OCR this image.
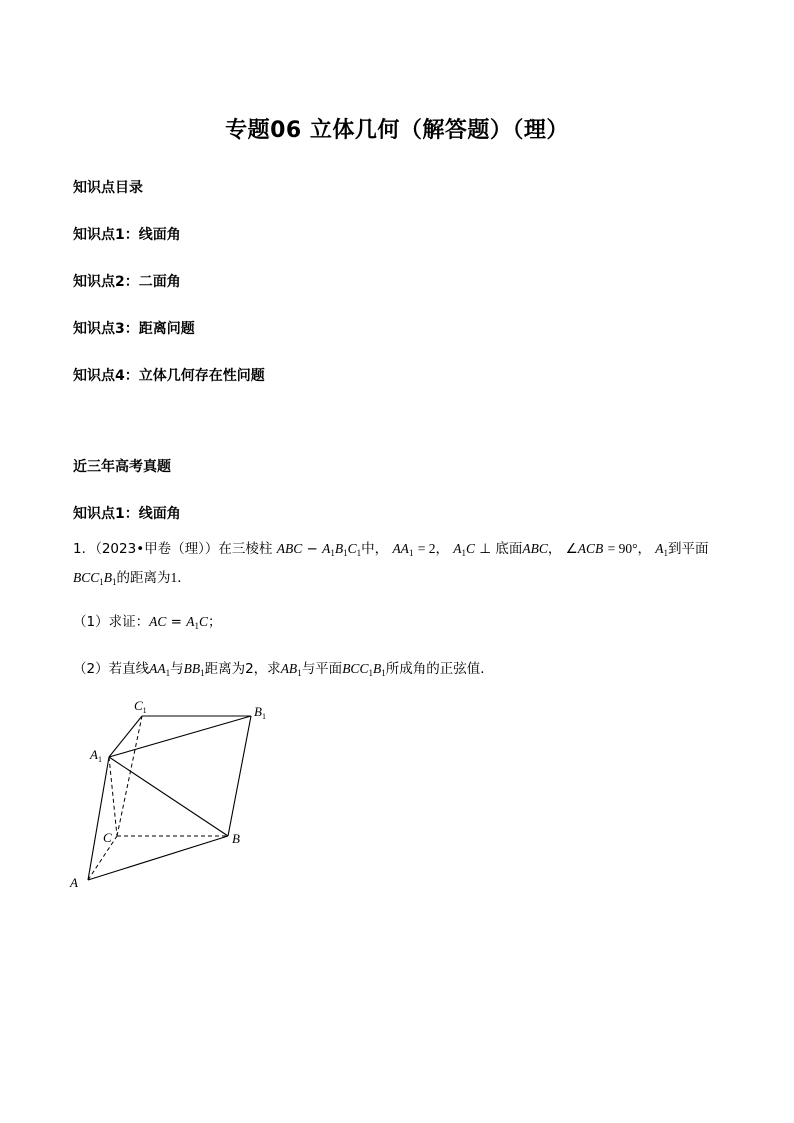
专题06 立体几何（解答题）（理）
知识点目录
知识点1：线面角
知识点2：二面角
知识点3：距离问题
知识点4：立体几何存在性问题
近三年高考真题
知识点1：线面角
1．（2023•甲卷（理））在三棱柱 ABC − $A_1B_1C_1$中， $AA_1 = 2$， $A_1C$ ⊥ 底面ABC， ∠ACB = 90°， $A_1$到平面
$BCC_1B_1$的距离为1．
（1）求证：AC = $A_1C$；
（2）若直线$AA_1$与$BB_1$距离为2，求$AB_1$与平面$BCC_1B_1$所成角的正弦值．
A
B
C
$A_1$
$B_1$
$C_1$
